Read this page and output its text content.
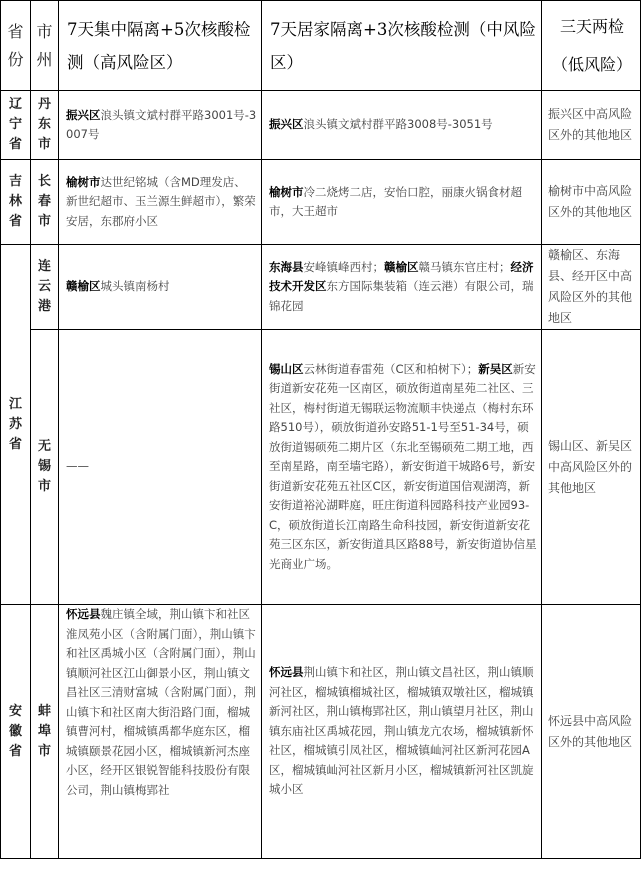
省份	市州	7天集中隔离+5次核酸检测（高风险区）	7天居家隔离+3次核酸检测（中风险区）	三天两检（低风险）
辽宁省	丹东市	振兴区浪头镇文斌村群平路3001号-3007号	振兴区浪头镇文斌村群平路3008号-3051号	振兴区中高风险区外的其他地区
吉林省	长春市	榆树市达世纪铭城（含MD理发店、新世纪超市、玉兰源生鲜超市），繁荣安居，东郡府小区	榆树市冷二烧烤二店，安怡口腔，丽康火锅食材超市，大王超市	榆树市中高风险区外的其他地区
江苏省	连云港	赣榆区城头镇南杨村	东海县安峰镇峰西村；赣榆区赣马镇东官庄村；经济技术开发区东方国际集装箱（连云港）有限公司，瑞锦花园	赣榆区、东海县、经开区中高风险区外的其他地区
	无锡市	——	锡山区云林街道春雷苑（C区和柏树下）；新吴区新安街道新安花苑一区南区，硕放街道南星苑二社区、三社区，梅村街道无锡联运物流顺丰快递点（梅村东环路510号），硕放街道孙安路51-1号至51-34号，硕放街道锡硕苑二期片区（东北至锡硕苑二期工地，西至南星路，南至墙宅路），新安街道干城路6号，新安街道新安花苑五社区C区，新安街道国信观湖湾，新安街道裕沁湖畔庭，旺庄街道科园路科技产业园93-C，硕放街道长江南路生命科技园，新安街道新安花苑三区东区，新安街道具区路88号，新安街道协信星光商业广场。	锡山区、新吴区中高风险区外的其他地区
安徽省	蚌埠市	怀远县魏庄镇全域，荆山镇卞和社区淮凤苑小区（含附属门面），荆山镇卞和社区禹城小区（含附属门面），荆山镇顺河社区江山御景小区，荆山镇文昌社区三清财富城（含附属门面），荆山镇卞和社区南大街沿路门面，榴城镇曹河村，榴城镇禹都华庭东区，榴城镇颐景花园小区，榴城镇新河杰座小区，经开区银锐智能科技股份有限公司，荆山镇梅郢社	怀远县荆山镇卞和社区，荆山镇文昌社区，荆山镇顺河社区，榴城镇榴城社区，榴城镇双墩社区，榴城镇新河社区，荆山镇梅郢社区，荆山镇望月社区，荆山镇东庙社区禹城花园，荆山镇龙亢农场，榴城镇新怀社区，榴城镇引凤社区，榴城镇屾河社区新河花园A区，榴城镇屾河社区新月小区，榴城镇新河社区凯旋城小区	怀远县中高风险区外的其他地区
